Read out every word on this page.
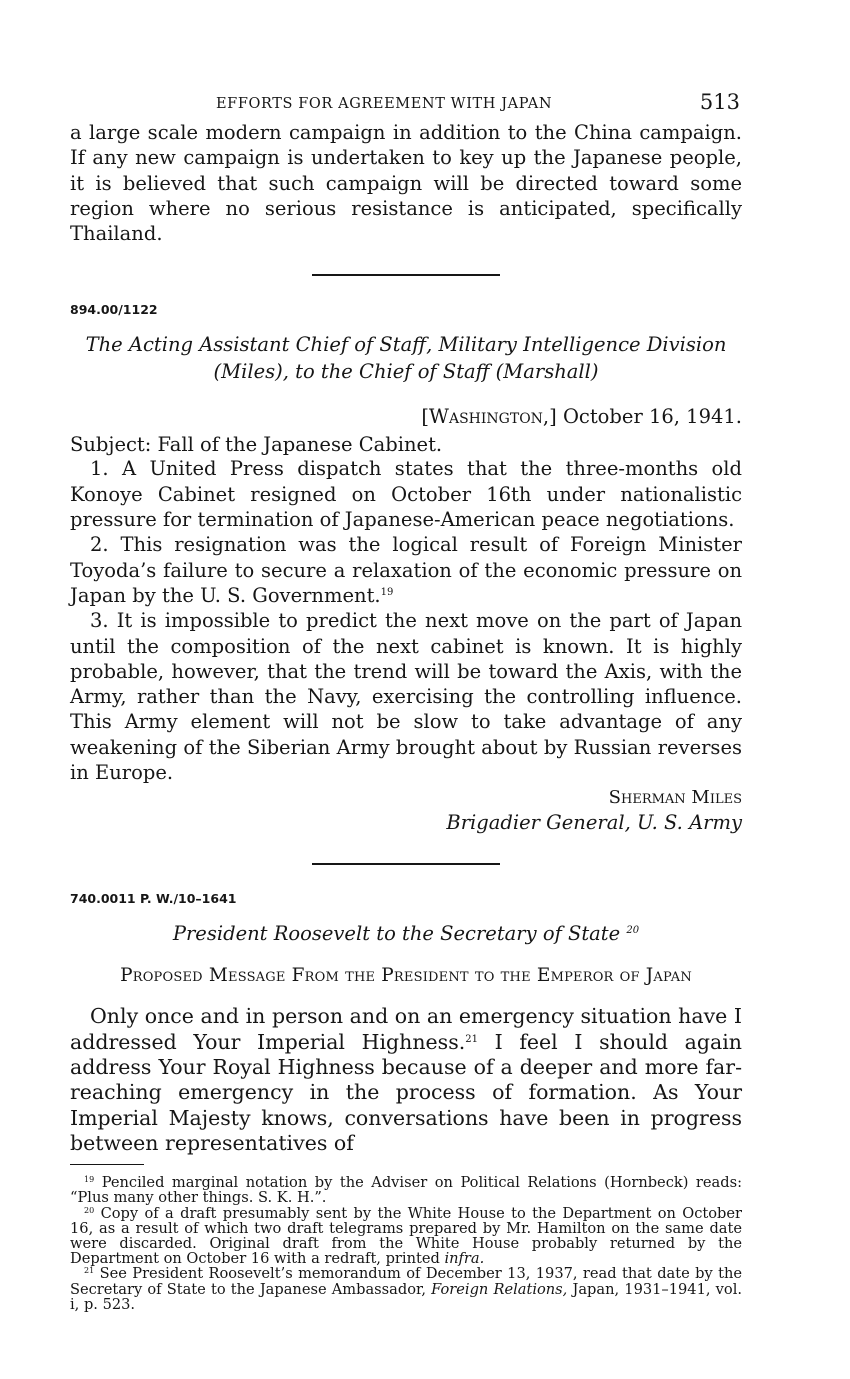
EFFORTS FOR AGREEMENT WITH JAPAN	513

a large scale modern campaign in addition to the China campaign. If any new campaign is undertaken to key up the Japanese people, it is believed that such campaign will be directed toward some region where no serious resistance is anticipated, specifically Thailand.

894.00/1122
The Acting Assistant Chief of Staff, Military Intelligence Division (Miles), to the Chief of Staff (Marshall)
[Washington,] October 16, 1941.
Subject: Fall of the Japanese Cabinet.

1. A United Press dispatch states that the three-months old Konoye Cabinet resigned on October 16th under nationalistic pressure for termination of Japanese-American peace negotiations.

2. This resignation was the logical result of Foreign Minister Toyoda’s failure to secure a relaxation of the economic pressure on Japan by the U. S. Government.$^{19}$

3. It is impossible to predict the next move on the part of Japan until the composition of the next cabinet is known. It is highly probable, however, that the trend will be toward the Axis, with the Army, rather than the Navy, exercising the controlling influence. This Army element will not be slow to take advantage of any weakening of the Siberian Army brought about by Russian reverses in Europe.

Sherman Miles
Brigadier General, U. S. Army
740.0011 P. W./10–1641
President Roosevelt to the Secretary of State $^{20}$
Proposed Message From the President to the Emperor of Japan

Only once and in person and on an emergency situation have I addressed Your Imperial Highness.$^{21}$ I feel I should again address Your Royal Highness because of a deeper and more far-reaching emergency in the process of formation. As Your Imperial Majesty knows, conversations have been in progress between representatives of

$^{19}$ Penciled marginal notation by the Adviser on Political Relations (Hornbeck) reads: “Plus many other things. S. K. H.”.

$^{20}$ Copy of a draft presumably sent by the White House to the Department on October 16, as a result of which two draft telegrams prepared by Mr. Hamilton on the same date were discarded. Original draft from the White House probably returned by the Department on October 16 with a redraft, printed infra.

$^{21}$ See President Roosevelt’s memorandum of December 13, 1937, read that date by the Secretary of State to the Japanese Ambassador, Foreign Relations, Japan, 1931–1941, vol. i, p. 523.
